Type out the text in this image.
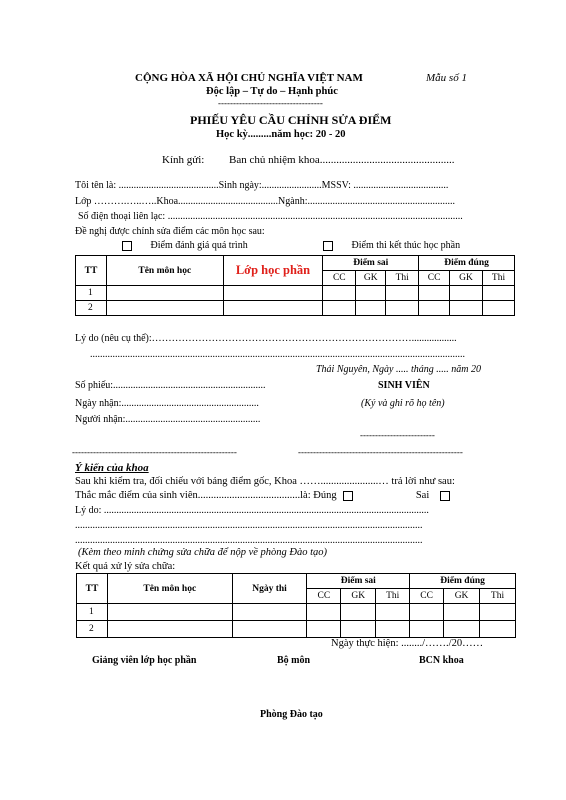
CỘNG HÒA XÃ HỘI CHỦ NGHĨA VIỆT NAM	Mẫu số 1
Độc lập – Tự do – Hạnh phúc
-----------------------------------
PHIẾU YÊU CẦU CHỈNH SỬA ĐIỂM
Học kỳ.........năm học: 20 - 20
Kính gửi: Ban chủ nhiệm khoa.................................................
Tôi tên là: ........................................Sinh ngày:........................MSSV: ......................................
Lớp ……….…..…..Khoa........................................Ngành:...........................................................
Số điện thoại liên lạc: ......................................................................................................................
Đề nghị được chỉnh sửa điểm các môn học sau:
Điểm đánh giá quá trình	Điểm thi kết thúc học phần
TT	Tên môn học	Lớp học phần	Điểm sai			Điểm đúng		
			CC	GK	Thi	CC	GK	Thi
1								
2								
Lý do (nêu cụ thể):……………………………………………………………………..................
......................................................................................................................................................
Thái Nguyên, Ngày ..... tháng ..... năm 20
Số phiếu:.............................................................	SINH VIÊN
Ngày nhận:.......................................................	(Ký và ghi rõ họ tên)
Người nhận:......................................................
-------------------------
-------------------------------------------------------	-------------------------------------------------------
Ý kiến của khoa
Sau khi kiểm tra, đối chiếu với bảng điểm gốc, Khoa ……......................… trả lời như sau:
Thắc mắc điểm của sinh viên.......................................là: Đúng	Sai
Lý do: ..................................................................................................................................
...........................................................................................................................................
...........................................................................................................................................
(Kèm theo minh chứng sửa chữa để nộp về phòng Đào tạo)
Kết quả xử lý sửa chữa:
TT	Tên môn học	Ngày thi	Điểm sai			Điểm đúng		
			CC	GK	Thi	CC	GK	Thi
1								
2								
Ngày thực hiện: ......../……./20……
Giảng viên lớp học phần	Bộ môn	BCN khoa
Phòng Đào tạo
